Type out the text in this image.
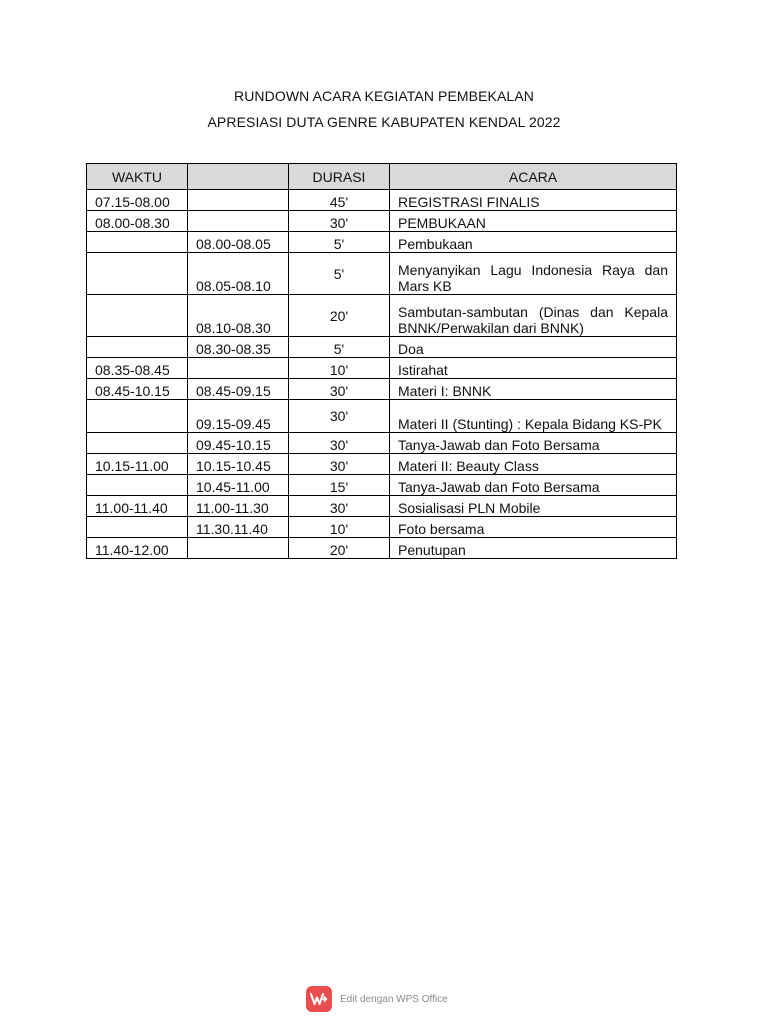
RUNDOWN ACARA KEGIATAN PEMBEKALAN
APRESIASI DUTA GENRE KABUPATEN KENDAL 2022
WAKTU		DURASI	ACARA
07.15-08.00		45'	REGISTRASI FINALIS
08.00-08.30		30'	PEMBUKAAN
	08.00-08.05	5'	Pembukaan
	08.05-08.10	5'	Menyanyikan Lagu Indonesia Raya dan Mars KB
	08.10-08.30	20'	Sambutan-sambutan (Dinas dan Kepala BNNK/Perwakilan dari BNNK)
	08.30-08.35	5'	Doa
08.35-08.45		10'	Istirahat
08.45-10.15	08.45-09.15	30'	Materi I: BNNK
	09.15-09.45	30'	Materi II (Stunting) : Kepala Bidang KS-PK
	09.45-10.15	30'	Tanya-Jawab dan Foto Bersama
10.15-11.00	10.15-10.45	30'	Materi II: Beauty Class
	10.45-11.00	15'	Tanya-Jawab dan Foto Bersama
11.00-11.40	11.00-11.30	30'	Sosialisasi PLN Mobile
	11.30.11.40	10'	Foto bersama
11.40-12.00		20'	Penutupan
Edit dengan WPS Office
